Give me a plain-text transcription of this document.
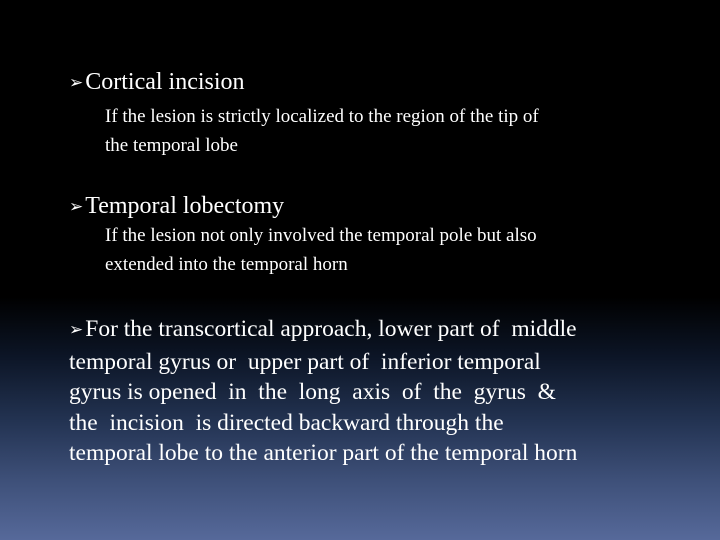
➢ Cortical incision
If the lesion is strictly localized to the region of the tip of
the temporal lobe
➢ Temporal lobectomy
If the lesion not only involved the temporal pole but also
extended into the temporal horn
➢ For the transcortical approach, lower part of  middle
temporal gyrus or  upper part of  inferior temporal
gyrus is opened  in  the  long  axis  of  the  gyrus  &
the  incision  is directed backward through the
temporal lobe to the anterior part of the temporal horn
